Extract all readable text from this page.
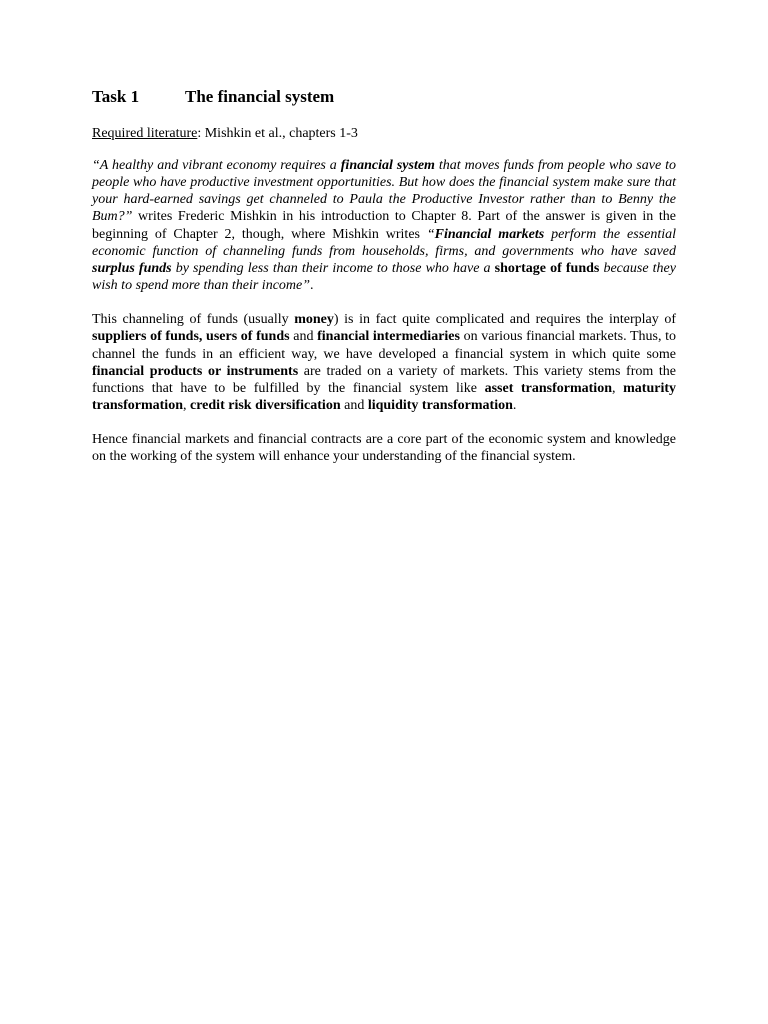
Task 1	The financial system

Required literature: Mishkin et al., chapters 1-3

“A healthy and vibrant economy requires a financial system that moves funds from people who save to people who have productive investment opportunities. But how does the financial system make sure that your hard-earned savings get channeled to Paula the Productive Investor rather than to Benny the Bum?” writes Frederic Mishkin in his introduction to Chapter 8. Part of the answer is given in the beginning of Chapter 2, though, where Mishkin writes “Financial markets perform the essential economic function of channeling funds from households, firms, and governments who have saved surplus funds by spending less than their income to those who have a shortage of funds because they wish to spend more than their income”.

This channeling of funds (usually money) is in fact quite complicated and requires the interplay of suppliers of funds, users of funds and financial intermediaries on various financial markets. Thus, to channel the funds in an efficient way, we have developed a financial system in which quite some financial products or instruments are traded on a variety of markets. This variety stems from the functions that have to be fulfilled by the financial system like asset transformation, maturity transformation, credit risk diversification and liquidity transformation.

Hence financial markets and financial contracts are a core part of the economic system and knowledge on the working of the system will enhance your understanding of the financial system.
